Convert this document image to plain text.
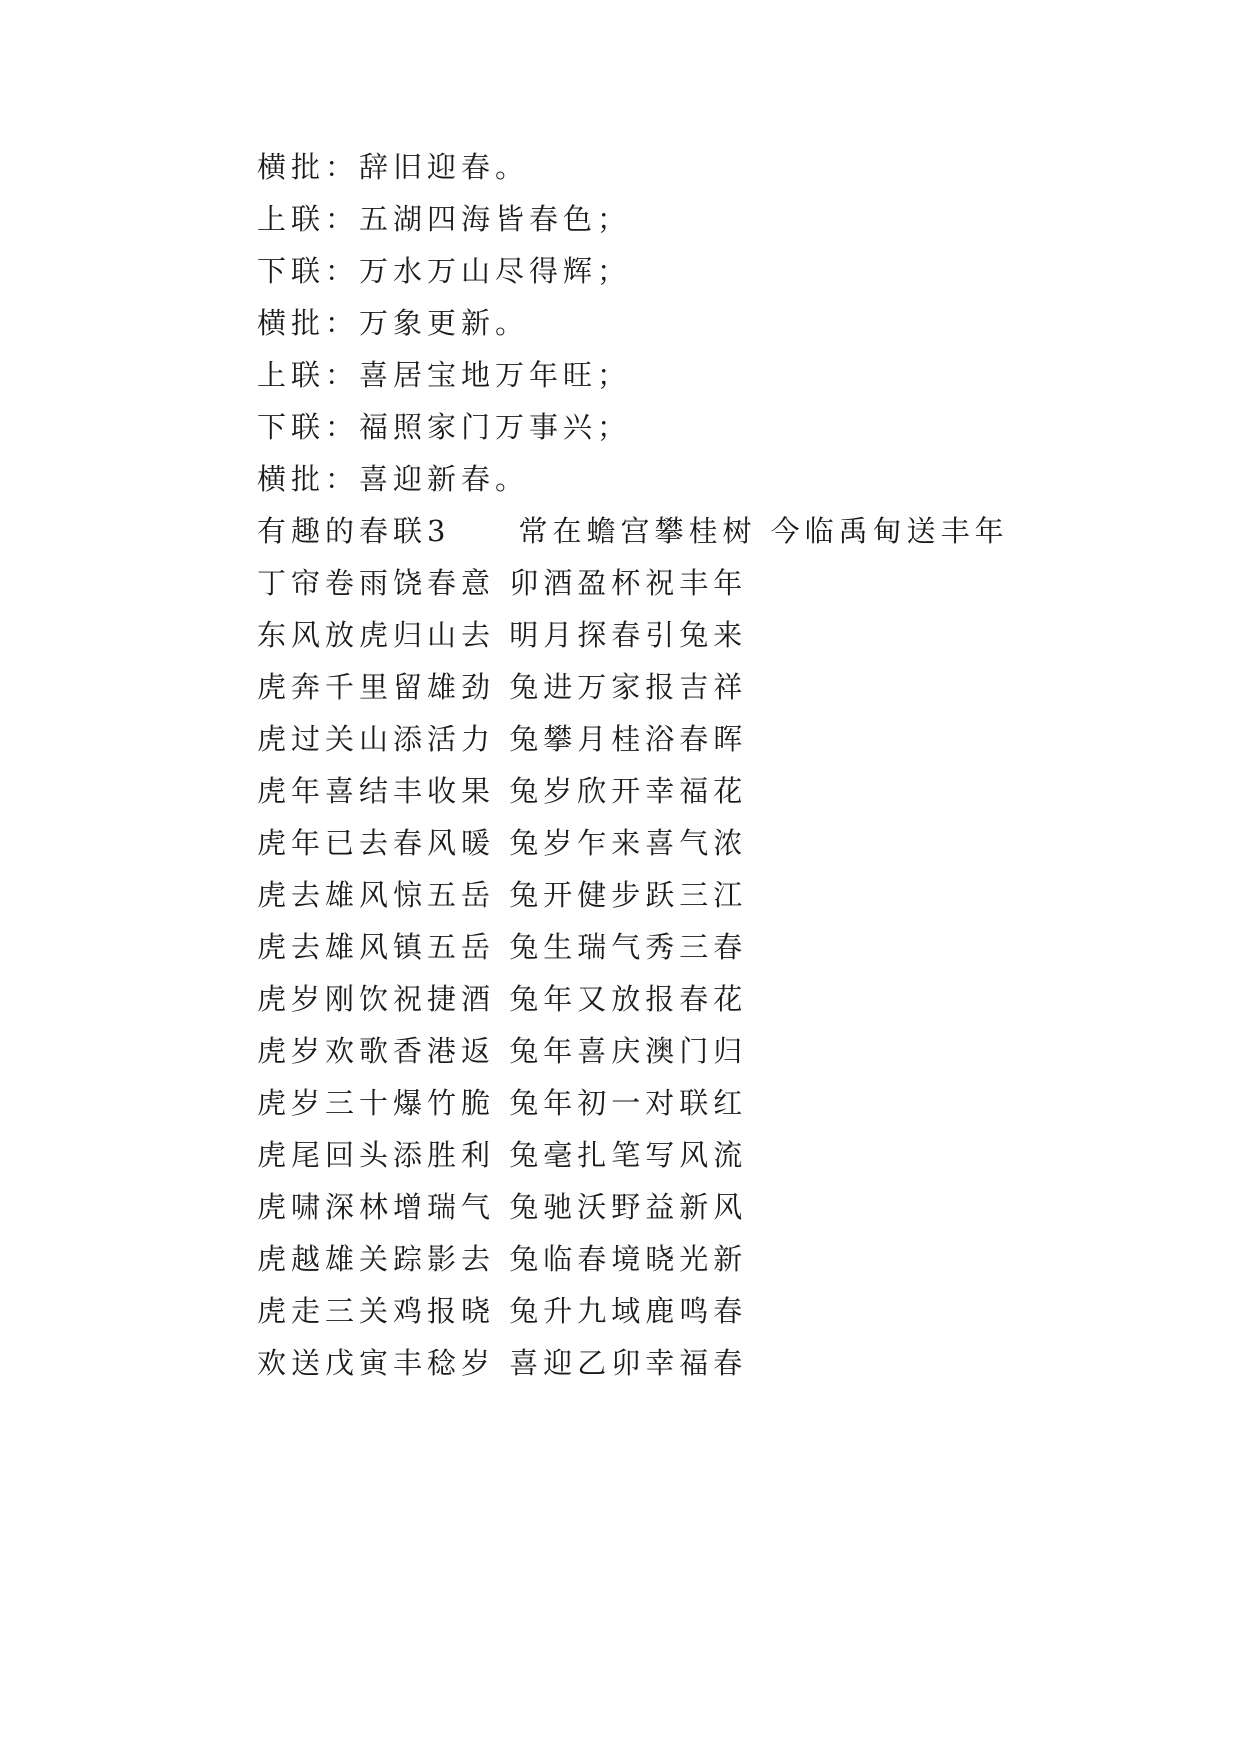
横批：辞旧迎春。
上联：五湖四海皆春色；
下联：万水万山尽得辉；
横批：万象更新。
上联：喜居宝地万年旺；
下联：福照家门万事兴；
横批：喜迎新春。
有趣的春联3　　常在蟾宫攀桂树 今临禹甸送丰年
丁帘卷雨饶春意 卯酒盈杯祝丰年
东风放虎归山去 明月探春引兔来
虎奔千里留雄劲 兔进万家报吉祥
虎过关山添活力 兔攀月桂浴春晖
虎年喜结丰收果 兔岁欣开幸福花
虎年已去春风暖 兔岁乍来喜气浓
虎去雄风惊五岳 兔开健步跃三江
虎去雄风镇五岳 兔生瑞气秀三春
虎岁刚饮祝捷酒 兔年又放报春花
虎岁欢歌香港返 兔年喜庆澳门归
虎岁三十爆竹脆 兔年初一对联红
虎尾回头添胜利 兔毫扎笔写风流
虎啸深林增瑞气 兔驰沃野益新风
虎越雄关踪影去 兔临春境晓光新
虎走三关鸡报晓 兔升九域鹿鸣春
欢送戊寅丰稔岁 喜迎乙卯幸福春
